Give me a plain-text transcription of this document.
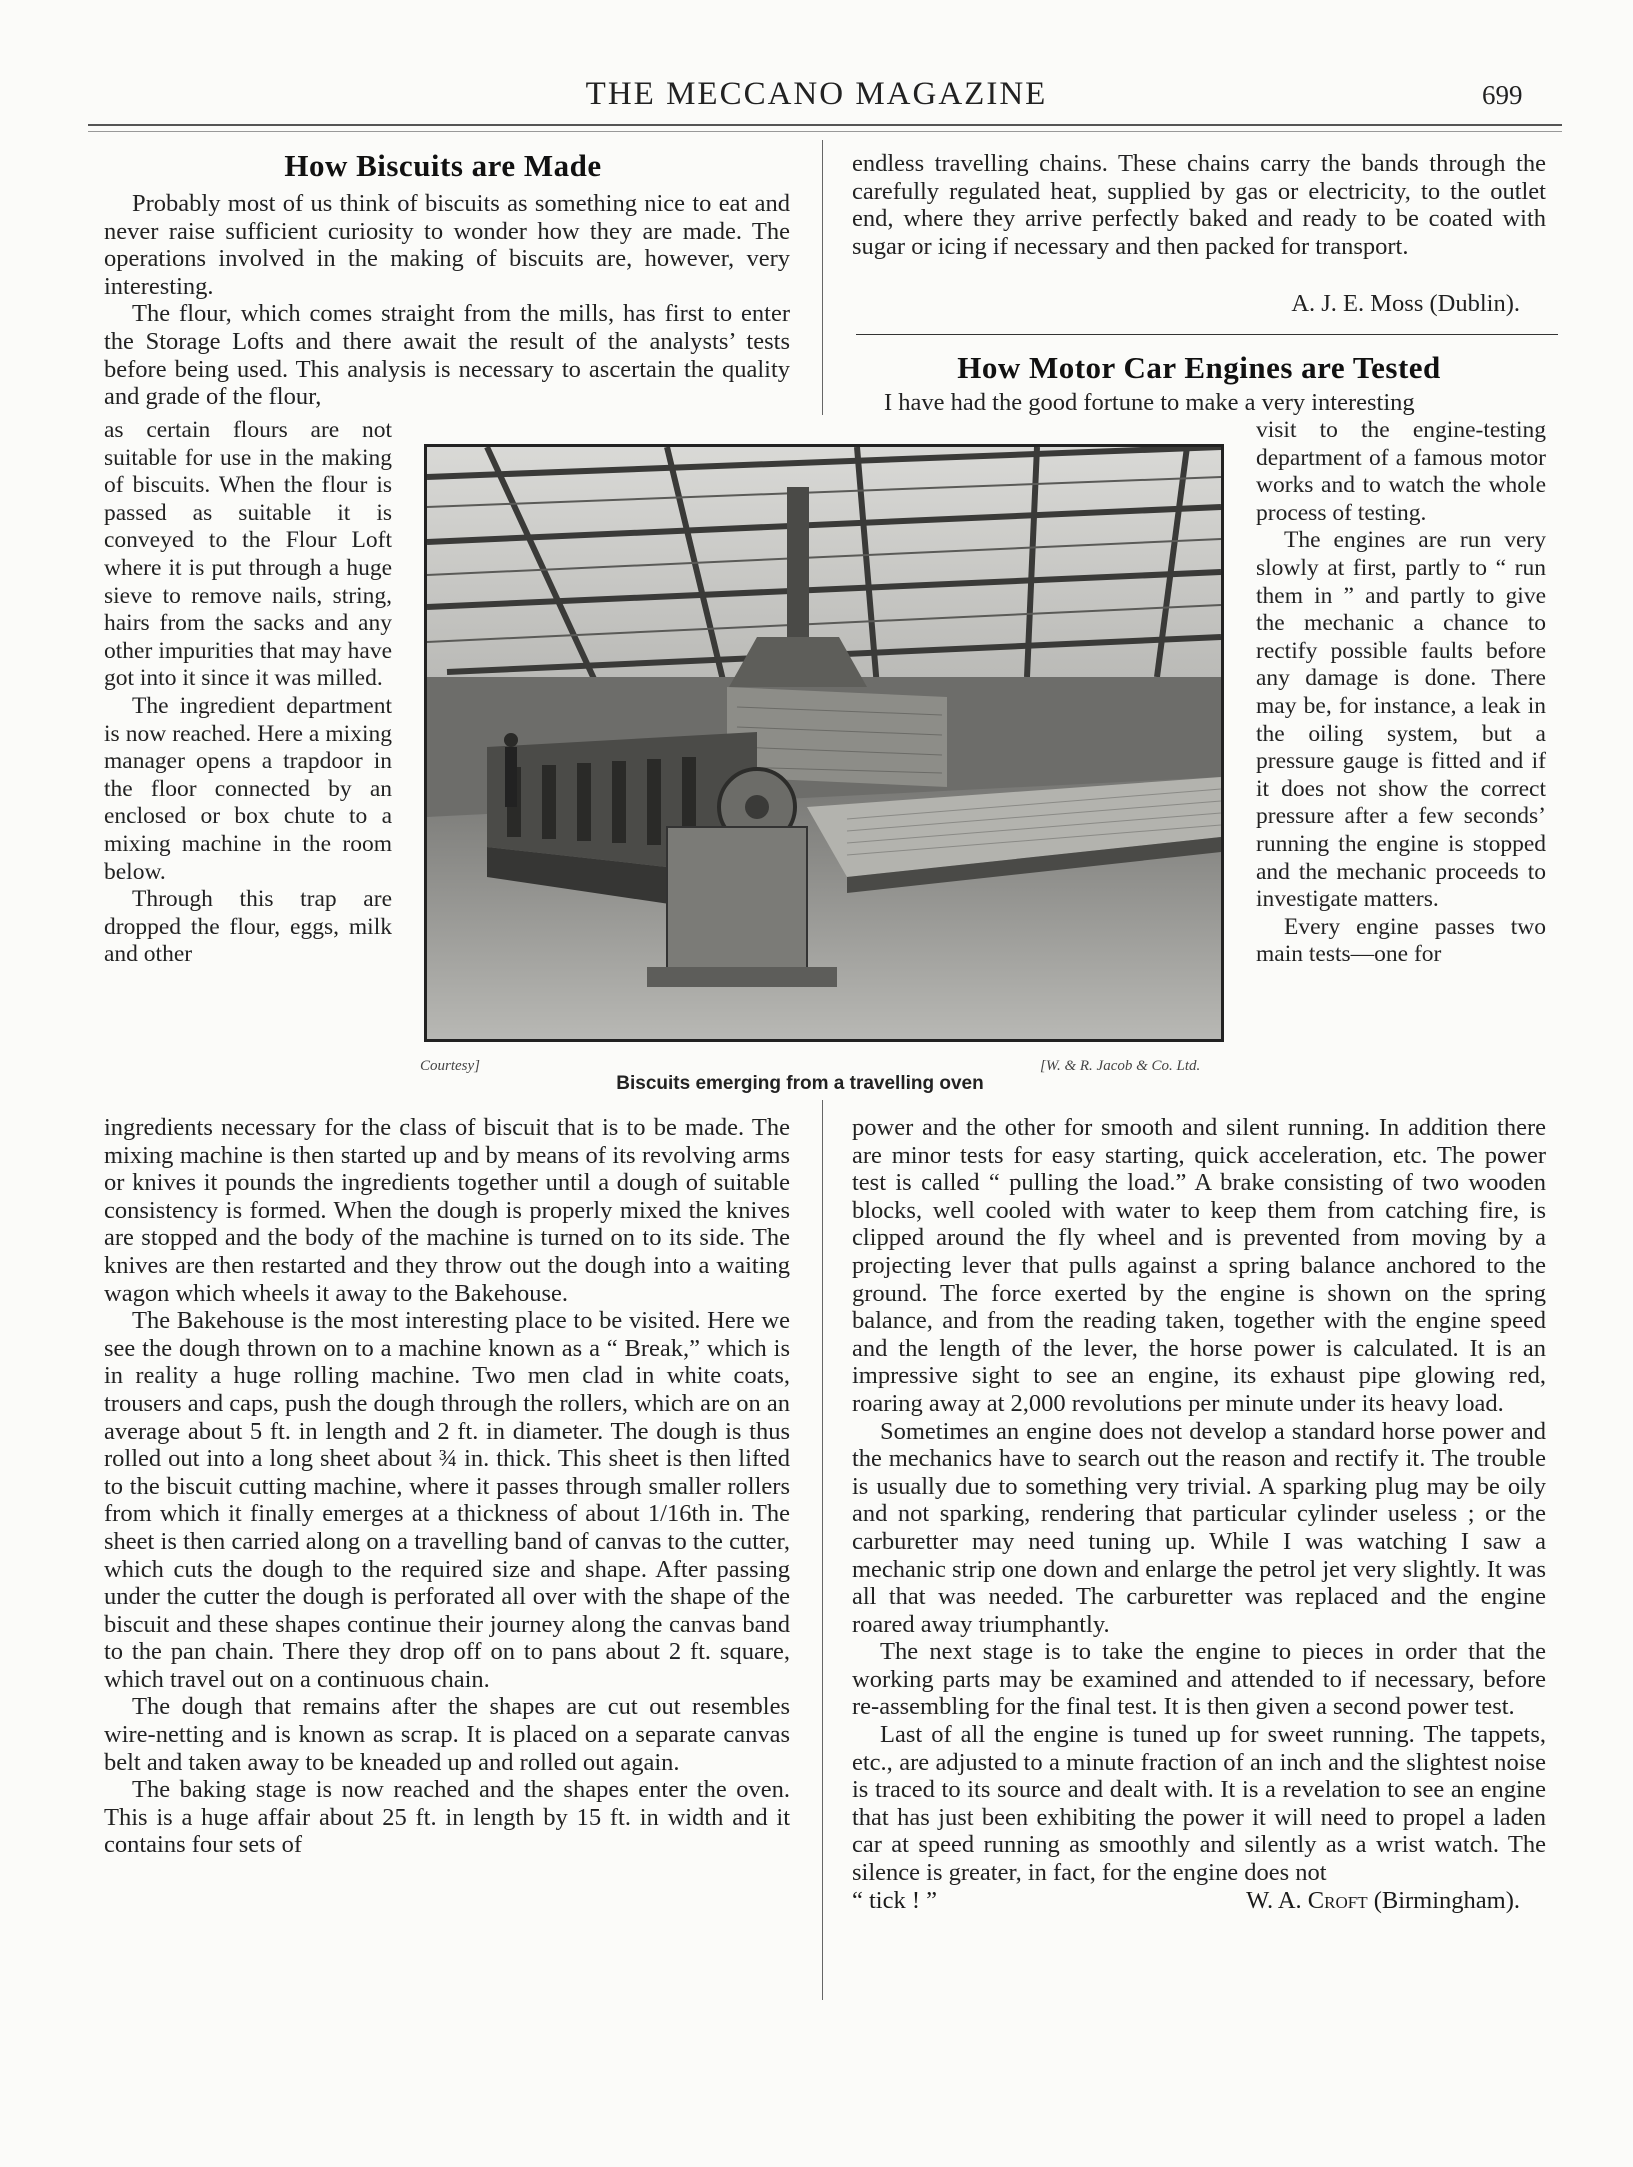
THE MECCANO MAGAZINE	699
How Biscuits are Made

Probably most of us think of biscuits as something nice to eat and never raise sufficient curiosity to wonder how they are made. The operations involved in the making of biscuits are, however, very interesting.

The flour, which comes straight from the mills, has first to enter the Storage Lofts and there await the result of the analysts’ tests before being used. This analysis is necessary to ascertain the quality and grade of the flour,

as certain flours are not suitable for use in the making of biscuits. When the flour is passed as suitable it is conveyed to the Flour Loft where it is put through a huge sieve to remove nails, string, hairs from the sacks and any other impurities that may have got into it since it was milled.

The ingredient department is now reached. Here a mixing manager opens a trapdoor in the floor connected by an enclosed or box chute to a mixing machine in the room below.

Through this trap are dropped the flour, eggs, milk and other

ingredients necessary for the class of biscuit that is to be made. The mixing machine is then started up and by means of its revolving arms or knives it pounds the ingredients together until a dough of suitable consistency is formed. When the dough is properly mixed the knives are stopped and the body of the machine is turned on to its side. The knives are then restarted and they throw out the dough into a waiting wagon which wheels it away to the Bakehouse.

The Bakehouse is the most interesting place to be visited. Here we see the dough thrown on to a machine known as a “ Break,” which is in reality a huge rolling machine. Two men clad in white coats, trousers and caps, push the dough through the rollers, which are on an average about 5 ft. in length and 2 ft. in diameter. The dough is thus rolled out into a long sheet about ¾ in. thick. This sheet is then lifted to the biscuit cutting machine, where it passes through smaller rollers from which it finally emerges at a thickness of about 1/16th in. The sheet is then carried along on a travelling band of canvas to the cutter, which cuts the dough to the required size and shape. After passing under the cutter the dough is perforated all over with the shape of the biscuit and these shapes continue their journey along the canvas band to the pan chain. There they drop off on to pans about 2 ft. square, which travel out on a continuous chain.

The dough that remains after the shapes are cut out resembles wire-netting and is known as scrap. It is placed on a separate canvas belt and taken away to be kneaded up and rolled out again.

The baking stage is now reached and the shapes enter the oven. This is a huge affair about 25 ft. in length by 15 ft. in width and it contains four sets of

endless travelling chains. These chains carry the bands through the carefully regulated heat, supplied by gas or electricity, to the outlet end, where they arrive perfectly baked and ready to be coated with sugar or icing if necessary and then packed for transport.

A. J. E. Moss (Dublin).
How Motor Car Engines are Tested

I have had the good fortune to make a very interesting

visit to the engine-testing department of a famous motor works and to watch the whole process of testing.

The engines are run very slowly at first, partly to “ run them in ” and partly to give the mechanic a chance to rectify possible faults before any damage is done. There may be, for instance, a leak in the oiling system, but a pressure gauge is fitted and if it does not show the correct pressure after a few seconds’ running the engine is stopped and the mechanic proceeds to investigate matters.

Every engine passes two main tests—one for

power and the other for smooth and silent running. In addition there are minor tests for easy starting, quick acceleration, etc. The power test is called “ pulling the load.” A brake consisting of two wooden blocks, well cooled with water to keep them from catching fire, is clipped around the fly wheel and is prevented from moving by a projecting lever that pulls against a spring balance anchored to the ground. The force exerted by the engine is shown on the spring balance, and from the reading taken, together with the engine speed and the length of the lever, the horse power is calculated. It is an impressive sight to see an engine, its exhaust pipe glowing red, roaring away at 2,000 revolutions per minute under its heavy load.

Sometimes an engine does not develop a standard horse power and the mechanics have to search out the reason and rectify it. The trouble is usually due to something very trivial. A sparking plug may be oily and not sparking, rendering that particular cylinder useless ; or the carburetter may need tuning up. While I was watching I saw a mechanic strip one down and enlarge the petrol jet very slightly. It was all that was needed. The carburetter was replaced and the engine roared away triumphantly.

The next stage is to take the engine to pieces in order that the working parts may be examined and attended to if necessary, before re-assembling for the final test. It is then given a second power test.

Last of all the engine is tuned up for sweet running. The tappets, etc., are adjusted to a minute fraction of an inch and the slightest noise is traced to its source and dealt with. It is a revelation to see an engine that has just been exhibiting the power it will need to propel a laden car at speed running as smoothly and silently as a wrist watch. The silence is greater, in fact, for the engine does not

“ tick ! ”	W. A. Croft (Birmingham).
Courtesy]	[W. & R. Jacob & Co. Ltd.
Biscuits emerging from a travelling oven
